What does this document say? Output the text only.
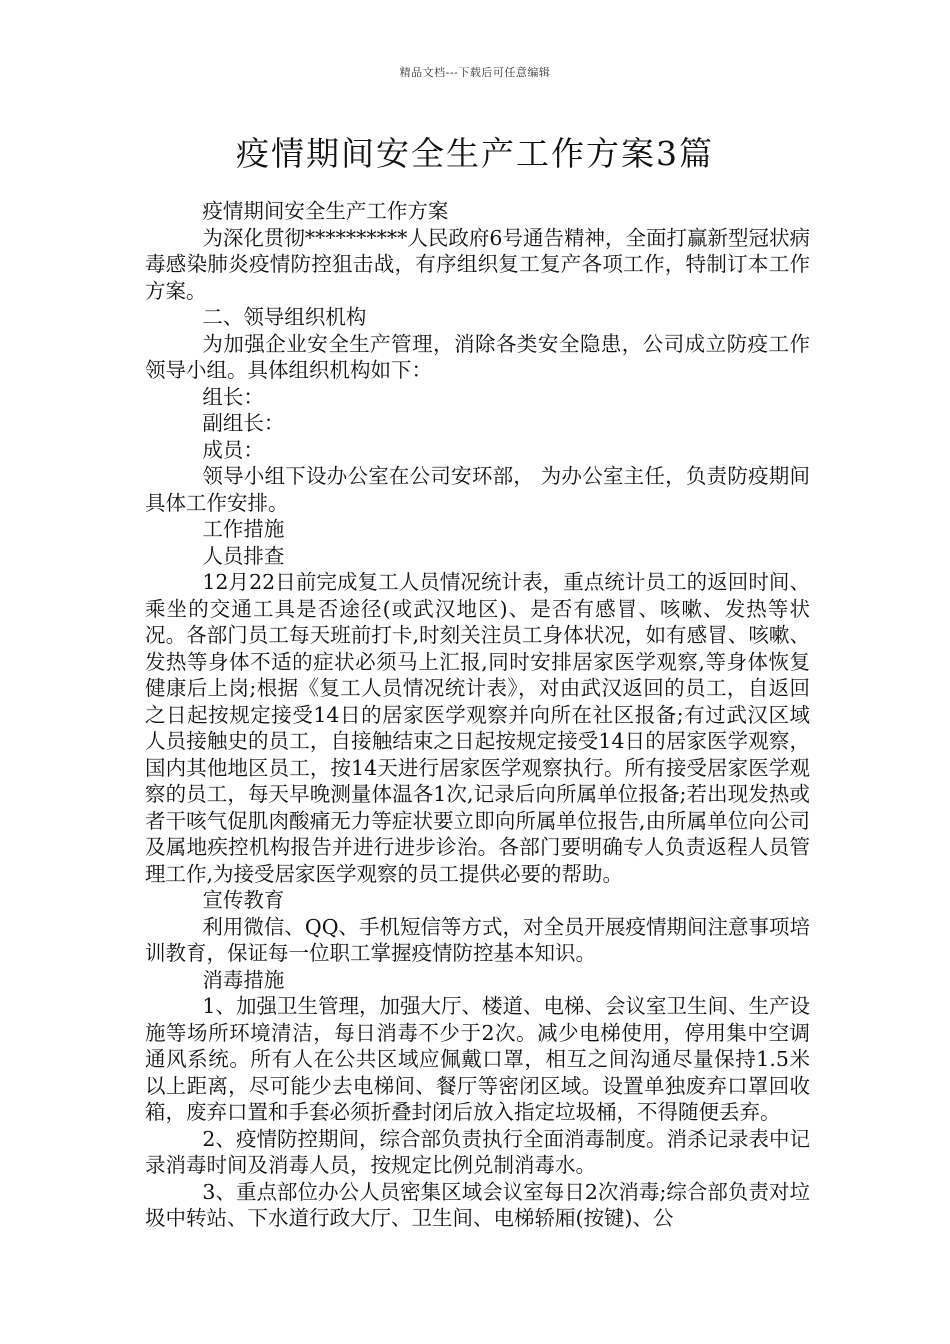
精品文档---下载后可任意编辑
疫情期间安全生产工作方案3篇

疫情期间安全生产工作方案

为深化贯彻**********人民政府6号通告精神，全面打赢新型冠状病毒感染肺炎疫情防控狙击战，有序组织复工复产各项工作，特制订本工作方案。

二、领导组织机构

为加强企业安全生产管理，消除各类安全隐患，公司成立防疫工作领导小组。具体组织机构如下：

组长：

副组长：

成员：

领导小组下设办公室在公司安环部， 为办公室主任，负责防疫期间具体工作安排。

工作措施

人员排查

12月22日前完成复工人员情况统计表，重点统计员工的返回时间、乘坐的交通工具是否途径(或武汉地区)、是否有感冒、咳嗽、发热等状况。各部门员工每天班前打卡,时刻关注员工身体状况，如有感冒、咳嗽、发热等身体不适的症状必须马上汇报,同时安排居家医学观察,等身体恢复健康后上岗;根据《复工人员情况统计表》，对由武汉返回的员工，自返回之日起按规定接受14日的居家医学观察并向所在社区报备;有过武汉区域人员接触史的员工，自接触结束之日起按规定接受14日的居家医学观察，国内其他地区员工，按14天进行居家医学观察执行。所有接受居家医学观察的员工，每天早晚测量体温各1次,记录后向所属单位报备;若出现发热或者干咳气促肌肉酸痛无力等症状要立即向所属单位报告,由所属单位向公司及属地疾控机构报告并进行进步诊治。各部门要明确专人负责返程人员管理工作,为接受居家医学观察的员工提供必要的帮助。

宣传教育

利用微信、QQ、手机短信等方式，对全员开展疫情期间注意事项培训教育，保证每一位职工掌握疫情防控基本知识。

消毒措施

1、加强卫生管理，加强大厅、楼道、电梯、会议室卫生间、生产设施等场所环境清洁，每日消毒不少于2次。减少电梯使用，停用集中空调通风系统。所有人在公共区域应佩戴口罩，相互之间沟通尽量保持1.5米以上距离，尽可能少去电梯间、餐厅等密闭区域。设置单独废弃口罩回收箱，废弃口置和手套必须折叠封闭后放入指定垃圾桶，不得随便丢弃。

2、疫情防控期间，综合部负责执行全面消毒制度。消杀记录表中记录消毒时间及消毒人员，按规定比例兑制消毒水。

3、重点部位办公人员密集区域会议室每日2次消毒;综合部负责对垃圾中转站、下水道行政大厅、卫生间、电梯轿厢(按键)、公
